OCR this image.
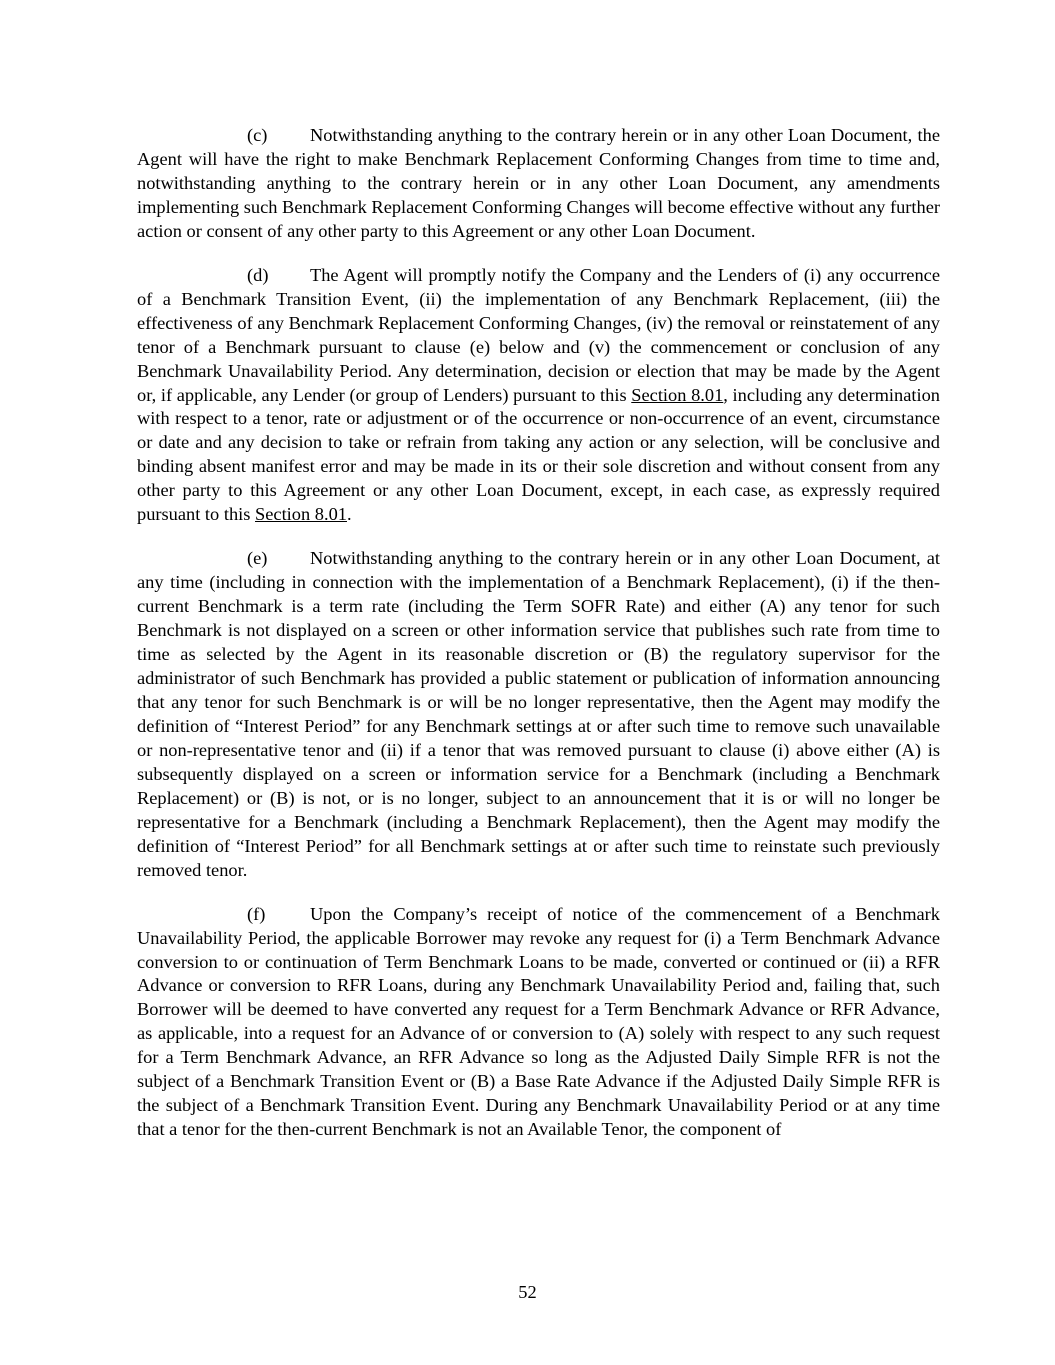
(c) Notwithstanding anything to the contrary herein or in any other Loan Document, the Agent will have the right to make Benchmark Replacement Conforming Changes from time to time and, notwithstanding anything to the contrary herein or in any other Loan Document, any amendments implementing such Benchmark Replacement Conforming Changes will become effective without any further action or consent of any other party to this Agreement or any other Loan Document.

(d) The Agent will promptly notify the Company and the Lenders of (i) any occurrence of a Benchmark Transition Event, (ii) the implementation of any Benchmark Replacement, (iii) the effectiveness of any Benchmark Replacement Conforming Changes, (iv) the removal or reinstatement of any tenor of a Benchmark pursuant to clause (e) below and (v) the commencement or conclusion of any Benchmark Unavailability Period. Any determination, decision or election that may be made by the Agent or, if applicable, any Lender (or group of Lenders) pursuant to this Section 8.01, including any determination with respect to a tenor, rate or adjustment or of the occurrence or non-occurrence of an event, circumstance or date and any decision to take or refrain from taking any action or any selection, will be conclusive and binding absent manifest error and may be made in its or their sole discretion and without consent from any other party to this Agreement or any other Loan Document, except, in each case, as expressly required pursuant to this Section 8.01.

(e) Notwithstanding anything to the contrary herein or in any other Loan Document, at any time (including in connection with the implementation of a Benchmark Replacement), (i) if the then-current Benchmark is a term rate (including the Term SOFR Rate) and either (A) any tenor for such Benchmark is not displayed on a screen or other information service that publishes such rate from time to time as selected by the Agent in its reasonable discretion or (B) the regulatory supervisor for the administrator of such Benchmark has provided a public statement or publication of information announcing that any tenor for such Benchmark is or will be no longer representative, then the Agent may modify the definition of “Interest Period” for any Benchmark settings at or after such time to remove such unavailable or non-representative tenor and (ii) if a tenor that was removed pursuant to clause (i) above either (A) is subsequently displayed on a screen or information service for a Benchmark (including a Benchmark Replacement) or (B) is not, or is no longer, subject to an announcement that it is or will no longer be representative for a Benchmark (including a Benchmark Replacement), then the Agent may modify the definition of “Interest Period” for all Benchmark settings at or after such time to reinstate such previously removed tenor.

(f) Upon the Company’s receipt of notice of the commencement of a Benchmark Unavailability Period, the applicable Borrower may revoke any request for (i) a Term Benchmark Advance conversion to or continuation of Term Benchmark Loans to be made, converted or continued or (ii) a RFR Advance or conversion to RFR Loans, during any Benchmark Unavailability Period and, failing that, such Borrower will be deemed to have converted any request for a Term Benchmark Advance or RFR Advance, as applicable, into a request for an Advance of or conversion to (A) solely with respect to any such request for a Term Benchmark Advance, an RFR Advance so long as the Adjusted Daily Simple RFR is not the subject of a Benchmark Transition Event or (B) a Base Rate Advance if the Adjusted Daily Simple RFR is the subject of a Benchmark Transition Event. During any Benchmark Unavailability Period or at any time that a tenor for the then-current Benchmark is not an Available Tenor, the component of

52
